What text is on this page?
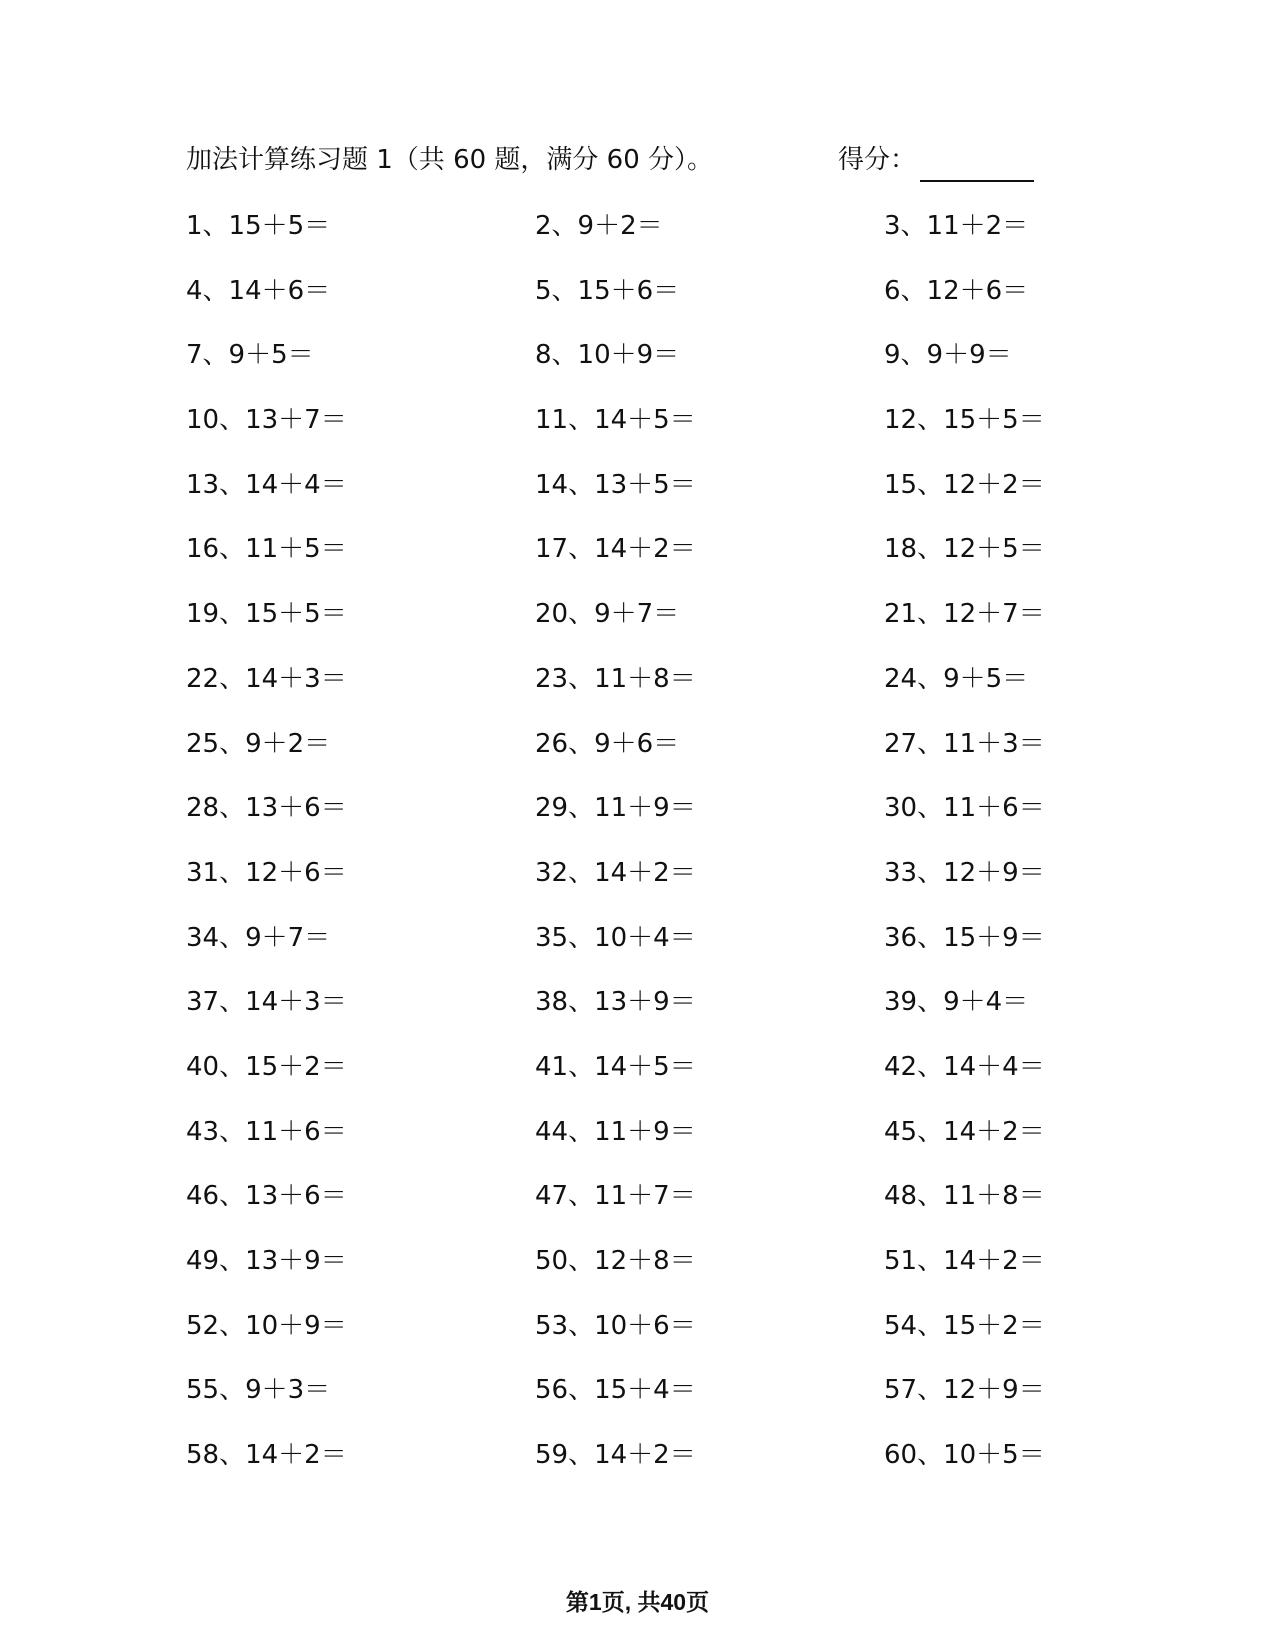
加法计算练习题 1（共 60 题，满分 60 分）。	得分：
1、15＋5＝	2、9＋2＝	3、11＋2＝
4、14＋6＝	5、15＋6＝	6、12＋6＝
7、9＋5＝	8、10＋9＝	9、9＋9＝
10、13＋7＝	11、14＋5＝	12、15＋5＝
13、14＋4＝	14、13＋5＝	15、12＋2＝
16、11＋5＝	17、14＋2＝	18、12＋5＝
19、15＋5＝	20、9＋7＝	21、12＋7＝
22、14＋3＝	23、11＋8＝	24、9＋5＝
25、9＋2＝	26、9＋6＝	27、11＋3＝
28、13＋6＝	29、11＋9＝	30、11＋6＝
31、12＋6＝	32、14＋2＝	33、12＋9＝
34、9＋7＝	35、10＋4＝	36、15＋9＝
37、14＋3＝	38、13＋9＝	39、9＋4＝
40、15＋2＝	41、14＋5＝	42、14＋4＝
43、11＋6＝	44、11＋9＝	45、14＋2＝
46、13＋6＝	47、11＋7＝	48、11＋8＝
49、13＋9＝	50、12＋8＝	51、14＋2＝
52、10＋9＝	53、10＋6＝	54、15＋2＝
55、9＋3＝	56、15＋4＝	57、12＋9＝
58、14＋2＝	59、14＋2＝	60、10＋5＝
第1页, 共40页
